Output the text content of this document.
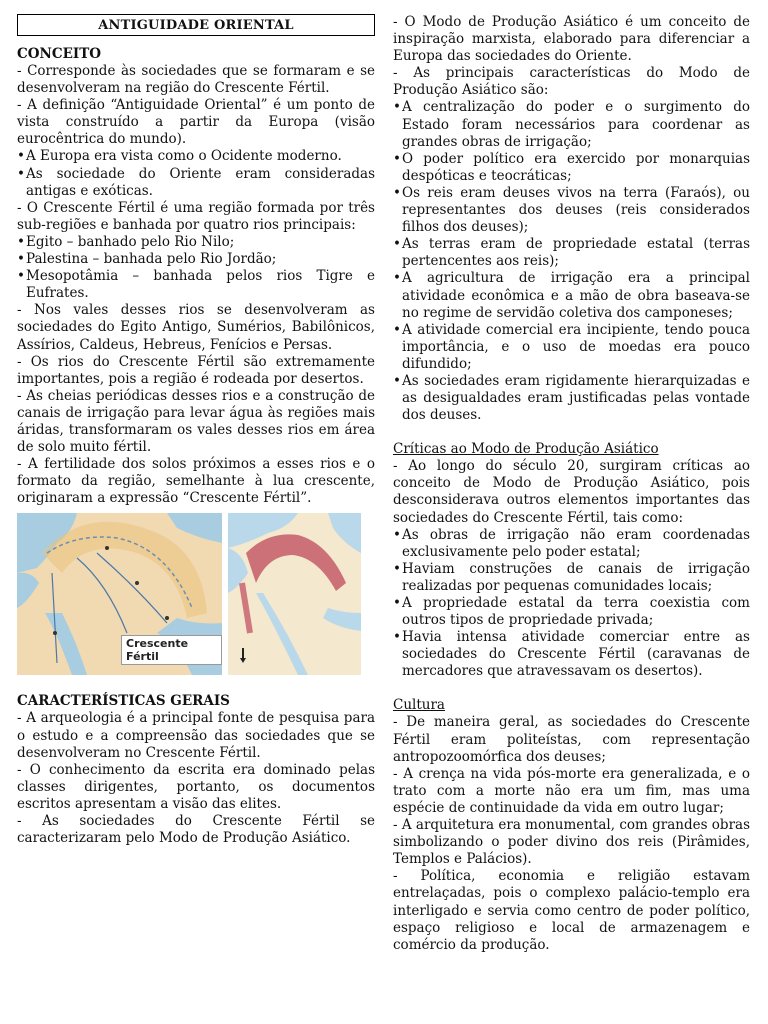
ANTIGUIDADE ORIENTAL

CONCEITO

- Corresponde às sociedades que se formaram e se desenvolveram na região do Crescente Fértil.

- A definição “Antiguidade Oriental” é um ponto de vista construído a partir da Europa (visão eurocêntrica do mundo).

• A Europa era vista como o Ocidente moderno.
• As sociedade do Oriente eram consideradas antigas e exóticas.

- O Crescente Fértil é uma região formada por três sub-regiões e banhada por quatro rios principais:

• Egito – banhado pelo Rio Nilo;
• Palestina – banhada pelo Rio Jordão;
• Mesopotâmia – banhada pelos rios Tigre e Eufrates.

- Nos vales desses rios se desenvolveram as sociedades do Egito Antigo, Sumérios, Babilônicos, Assírios, Caldeus, Hebreus, Fenícios e Persas.

- Os rios do Crescente Fértil são extremamente importantes, pois a região é rodeada por desertos.

- As cheias periódicas desses rios e a construção de canais de irrigação para levar água às regiões mais áridas, transformaram os vales desses rios em área de solo muito fértil.

- A fertilidade dos solos próximos a esses rios e o formato da região, semelhante à lua crescente, originaram a expressão “Crescente Fértil”.

Crescente Fértil

CARACTERÍSTICAS GERAIS

- A arqueologia é a principal fonte de pesquisa para o estudo e a compreensão das sociedades que se desenvolveram no Crescente Fértil.

- O conhecimento da escrita era dominado pelas classes dirigentes, portanto, os documentos escritos apresentam a visão das elites.

- As sociedades do Crescente Fértil se caracterizaram pelo Modo de Produção Asiático.

- O Modo de Produção Asiático é um conceito de inspiração marxista, elaborado para diferenciar a Europa das sociedades do Oriente.

- As principais características do Modo de Produção Asiático são:

• A centralização do poder e o surgimento do Estado foram necessários para coordenar as grandes obras de irrigação;
• O poder político era exercido por monarquias despóticas e teocráticas;
• Os reis eram deuses vivos na terra (Faraós), ou representantes dos deuses (reis considerados filhos dos deuses);
• As terras eram de propriedade estatal (terras pertencentes aos reis);
• A agricultura de irrigação era a principal atividade econômica e a mão de obra baseava-se no regime de servidão coletiva dos camponeses;
• A atividade comercial era incipiente, tendo pouca importância, e o uso de moedas era pouco difundido;
• As sociedades eram rigidamente hierarquizadas e as desigualdades eram justificadas pelas vontade dos deuses.

Críticas ao Modo de Produção Asiático

- Ao longo do século 20, surgiram críticas ao conceito de Modo de Produção Asiático, pois desconsiderava outros elementos importantes das sociedades do Crescente Fértil, tais como:

• As obras de irrigação não eram coordenadas exclusivamente pelo poder estatal;
• Haviam construções de canais de irrigação realizadas por pequenas comunidades locais;
• A propriedade estatal da terra coexistia com outros tipos de propriedade privada;
• Havia intensa atividade comerciar entre as sociedades do Crescente Fértil (caravanas de mercadores que atravessavam os desertos).

Cultura

- De maneira geral, as sociedades do Crescente Fértil eram politeístas, com representação antropozoomórfica dos deuses;

- A crença na vida pós-morte era generalizada, e o trato com a morte não era um fim, mas uma espécie de continuidade da vida em outro lugar;

- A arquitetura era monumental, com grandes obras simbolizando o poder divino dos reis (Pirâmides, Templos e Palácios).

- Política, economia e religião estavam entrelaçadas, pois o complexo palácio-templo era interligado e servia como centro de poder político, espaço religioso e local de armazenagem e comércio da produção.
